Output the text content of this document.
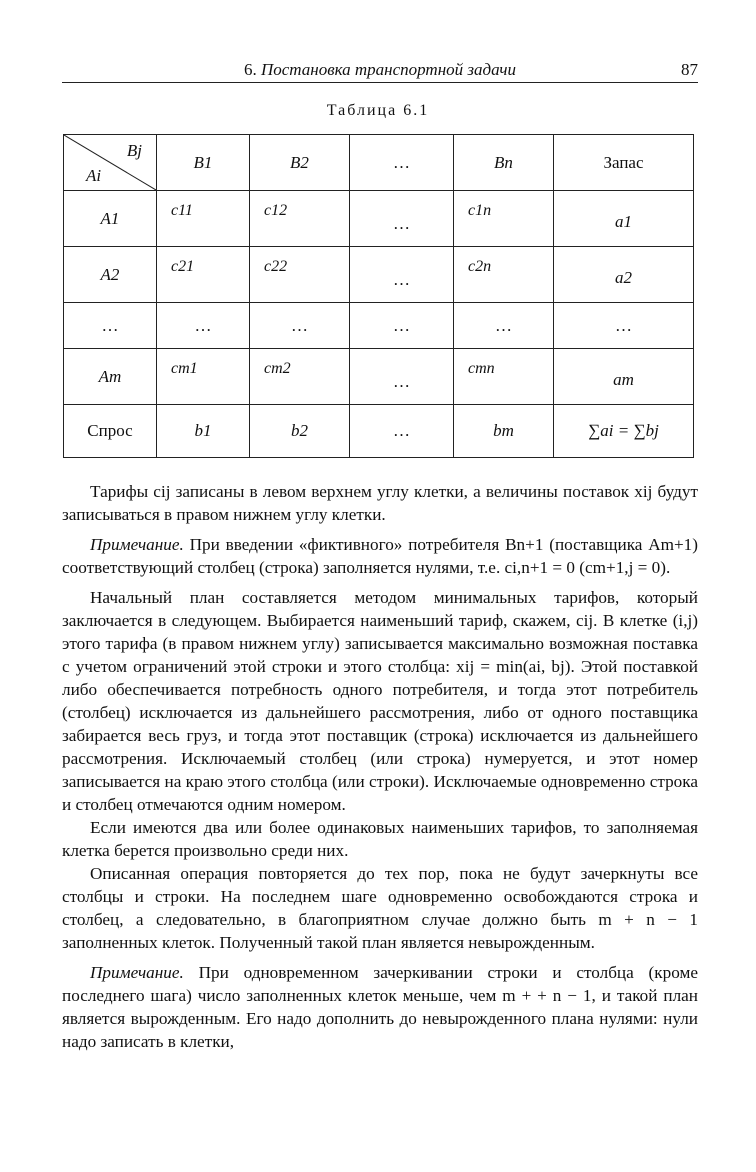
6. Постановка транспортной задачи	87
Таблица 6.1
Bj
Ai	B1	B2	…	Bn	Запас
A1	c11	c12	…	c1n	a1

A2	c21	c22	…	c2n	a2

…	…	…	…	…	…
Am	cm1	cm2	…	cmn	am

Спрос	b1	b2	…	bm	∑ai = ∑bj

Тарифы cij записаны в левом верхнем углу клетки, а величины поставок xij будут записываться в правом нижнем углу клетки.

Примечание. При введении «фиктивного» потребителя Bn+1 (поставщика Am+1) соответствующий столбец (строка) заполняется нулями, т.е. ci,n+1 = 0 (cm+1,j = 0).

Начальный план составляется методом минимальных тарифов, который заключается в следующем. Выбирается наименьший тариф, скажем, cij. В клетке (i,j) этого тарифа (в правом нижнем углу) записывается максимально возможная поставка с учетом ограничений этой строки и этого столбца: xij = min(ai, bj). Этой поставкой либо обеспечивается потребность одного потребителя, и тогда этот потребитель (столбец) исключается из дальнейшего рассмотрения, либо от одного поставщика забирается весь груз, и тогда этот поставщик (строка) исключается из дальнейшего рассмотрения. Исключаемый столбец (или строка) нумеруется, и этот номер записывается на краю этого столбца (или строки). Исключаемые одновременно строка и столбец отмечаются одним номером.

Если имеются два или более одинаковых наименьших тарифов, то заполняемая клетка берется произвольно среди них.

Описанная операция повторяется до тех пор, пока не будут зачеркнуты все столбцы и строки. На последнем шаге одновременно освобождаются строка и столбец, а следовательно, в благоприятном случае должно быть m + n − 1 заполненных клеток. Полученный такой план является невырожденным.

Примечание. При одновременном зачеркивании строки и столбца (кроме последнего шага) число заполненных клеток меньше, чем m + + n − 1, и такой план является вырожденным. Его надо дополнить до невырожденного плана нулями: нули надо записать в клетки,
